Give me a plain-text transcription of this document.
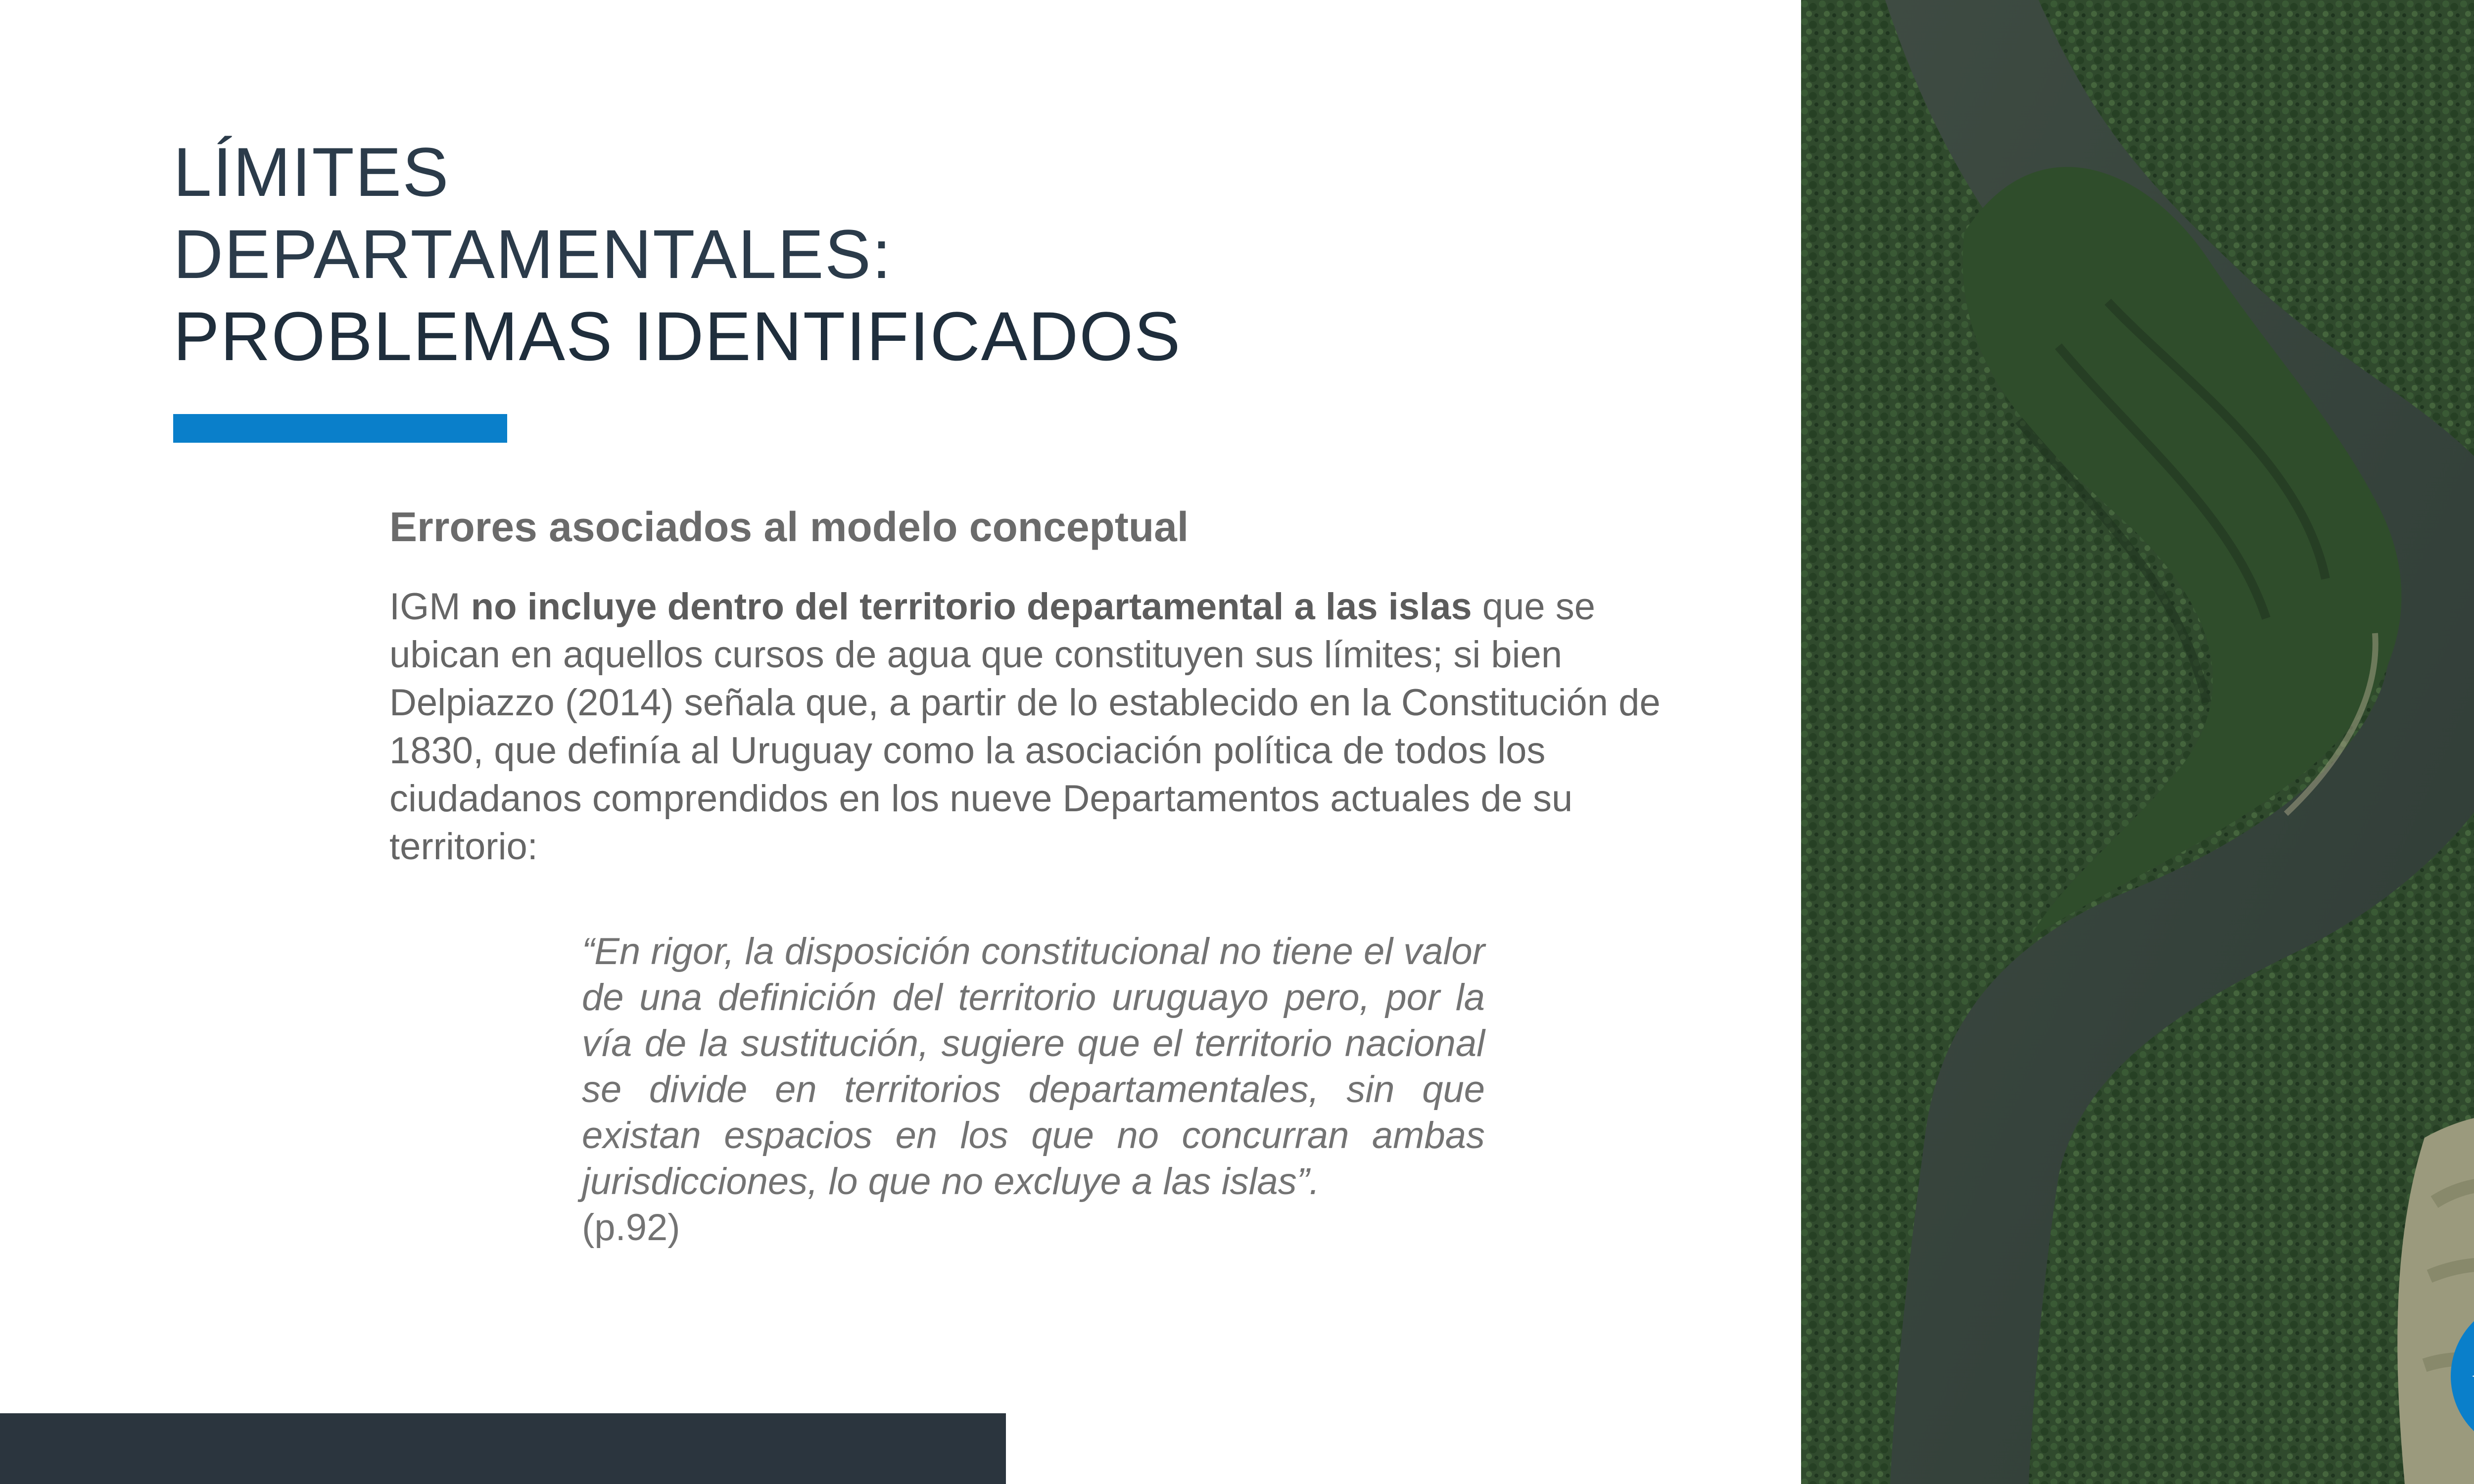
LÍMITES
DEPARTAMENTALES:
PROBLEMAS IDENTIFICADOS
Errores asociados al modelo conceptual

IGM no incluye dentro del territorio departamental a las islas que se ubican en aquellos cursos de agua que constituyen sus límites; si bien Delpiazzo (2014) señala que, a partir de lo establecido en la Constitución de 1830, que definía al Uruguay como la asociación política de todos los ciudadanos comprendidos en los nueve Departamentos actuales de su territorio:

“En rigor, la disposición constitucional no tiene el valor de una definición del territorio uruguayo pero, por la vía de la sustitución, sugiere que el territorio nacional se divide en territorios departamentales, sin que existan espacios en los que no concurran ambas jurisdicciones, lo que no excluye a las islas”.
(p.92)
